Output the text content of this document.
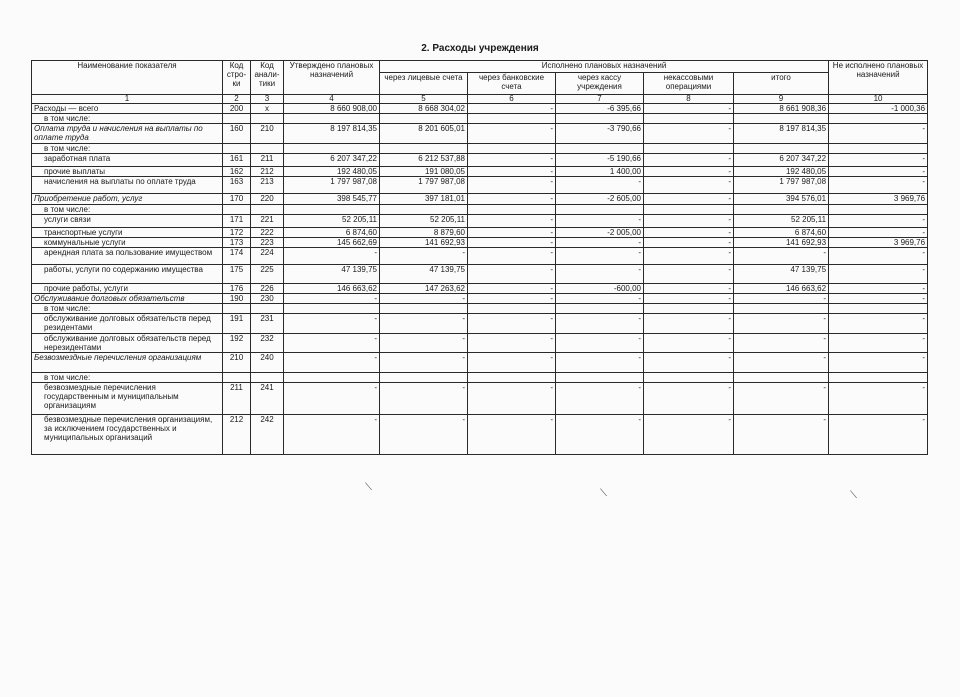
2. Расходы учреждения
Наименование показателя	Код стро-ки	Код анали-тики	Утверждено плановых назначений	Исполнено плановых назначений					Не исполнено плановых назначений
				через лицевые счета	через банковские счета	через кассу учреждения	некассовыми операциями	итого	
1	2	3	4	5	6	7	8	9	10
Расходы — всего	200	x	8 660 908,00	8 668 304,02	-	-6 395,66	-	8 661 908,36	-1 000,36
в том числе:									
Оплата труда и начисления на выплаты по оплате труда	160	210	8 197 814,35	8 201 605,01	-	-3 790,66	-	8 197 814,35	-
в том числе:									
заработная плата	161	211	6 207 347,22	6 212 537,88	-	-5 190,66	-	6 207 347,22	-
прочие выплаты	162	212	192 480,05	191 080,05	-	1 400,00	-	192 480,05	-
начисления на выплаты по оплате труда	163	213	1 797 987,08	1 797 987,08	-	-	-	1 797 987,08	-
Приобретение работ, услуг	170	220	398 545,77	397 181,01	-	-2 605,00	-	394 576,01	3 969,76
в том числе:									
услуги связи	171	221	52 205,11	52 205,11	-	-	-	52 205,11	-
транспортные услуги	172	222	6 874,60	8 879,60	-	-2 005,00	-	6 874,60	-
коммунальные услуги	173	223	145 662,69	141 692,93	-	-	-	141 692,93	3 969,76
арендная плата за пользование имуществом	174	224	-	-	-	-	-	-	-
работы, услуги по содержанию имущества	175	225	47 139,75	47 139,75	-	-	-	47 139,75	-
прочие работы, услуги	176	226	146 663,62	147 263,62	-	-600,00	-	146 663,62	-
Обслуживание долговых обязательств	190	230	-	-	-	-	-	-	-
в том числе:									
обслуживание долговых обязательств перед резидентами	191	231	-	-	-	-	-	-	-
обслуживание долговых обязательств перед нерезидентами	192	232	-	-	-	-	-	-	-
Безвозмездные перечисления организациям	210	240	-	-	-	-	-	-	-
в том числе:									
безвозмездные перечисления государственным и муниципальным организациям	211	241	-	-	-	-	-	-	-
безвозмездные перечисления организациям, за исключением государственных и муниципальных организаций	212	242	-	-	-	-	-	-	-
⟍
⟍	⟍
